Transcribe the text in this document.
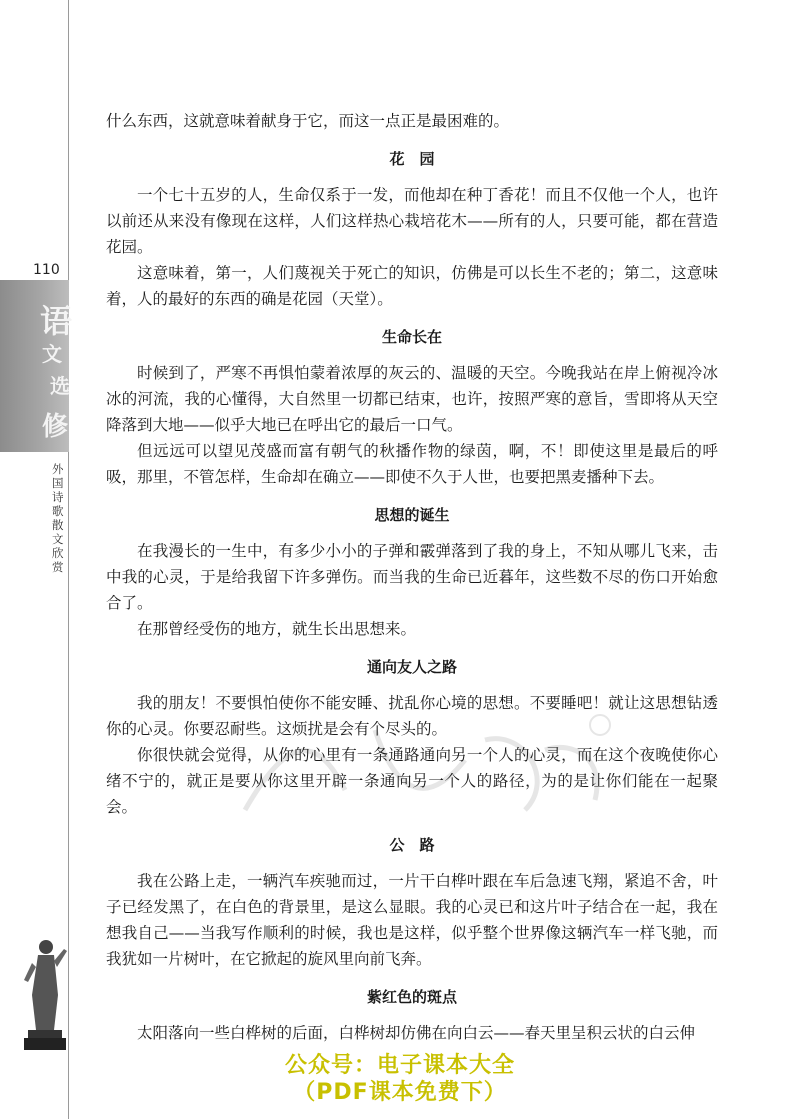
110
语
文
选
修
外国诗歌散文欣赏

什么东西，这就意味着献身于它，而这一点正是最困难的。

花　园

一个七十五岁的人，生命仅系于一发，而他却在种丁香花！而且不仅他一个人，也许以前还从来没有像现在这样，人们这样热心栽培花木——所有的人，只要可能，都在营造花园。

这意味着，第一，人们蔑视关于死亡的知识，仿佛是可以长生不老的；第二，这意味着，人的最好的东西的确是花园（天堂）。

生命长在

时候到了，严寒不再惧怕蒙着浓厚的灰云的、温暖的天空。今晚我站在岸上俯视冷冰冰的河流，我的心懂得，大自然里一切都已结束，也许，按照严寒的意旨，雪即将从天空降落到大地——似乎大地已在呼出它的最后一口气。

但远远可以望见茂盛而富有朝气的秋播作物的绿茵，啊，不！即使这里是最后的呼吸，那里，不管怎样，生命却在确立——即使不久于人世，也要把黑麦播种下去。

思想的诞生

在我漫长的一生中，有多少小小的子弹和霰弹落到了我的身上，不知从哪儿飞来，击中我的心灵，于是给我留下许多弹伤。而当我的生命已近暮年，这些数不尽的伤口开始愈合了。

在那曾经受伤的地方，就生长出思想来。

通向友人之路

我的朋友！不要惧怕使你不能安睡、扰乱你心境的思想。不要睡吧！就让这思想钻透你的心灵。你要忍耐些。这烦扰是会有个尽头的。

你很快就会觉得，从你的心里有一条通路通向另一个人的心灵，而在这个夜晚使你心绪不宁的，就正是要从你这里开辟一条通向另一个人的路径，为的是让你们能在一起聚会。

公　路

我在公路上走，一辆汽车疾驰而过，一片干白桦叶跟在车后急速飞翔，紧追不舍，叶子已经发黑了，在白色的背景里，是这么显眼。我的心灵已和这片叶子结合在一起，我在想我自己——当我写作顺利的时候，我也是这样，似乎整个世界像这辆汽车一样飞驰，而我犹如一片树叶，在它掀起的旋风里向前飞奔。

紫红色的斑点

太阳落向一些白桦树的后面，白桦树却仿佛在向白云——春天里呈积云状的白云伸

公众号：电子课本大全
（PDF课本免费下）
